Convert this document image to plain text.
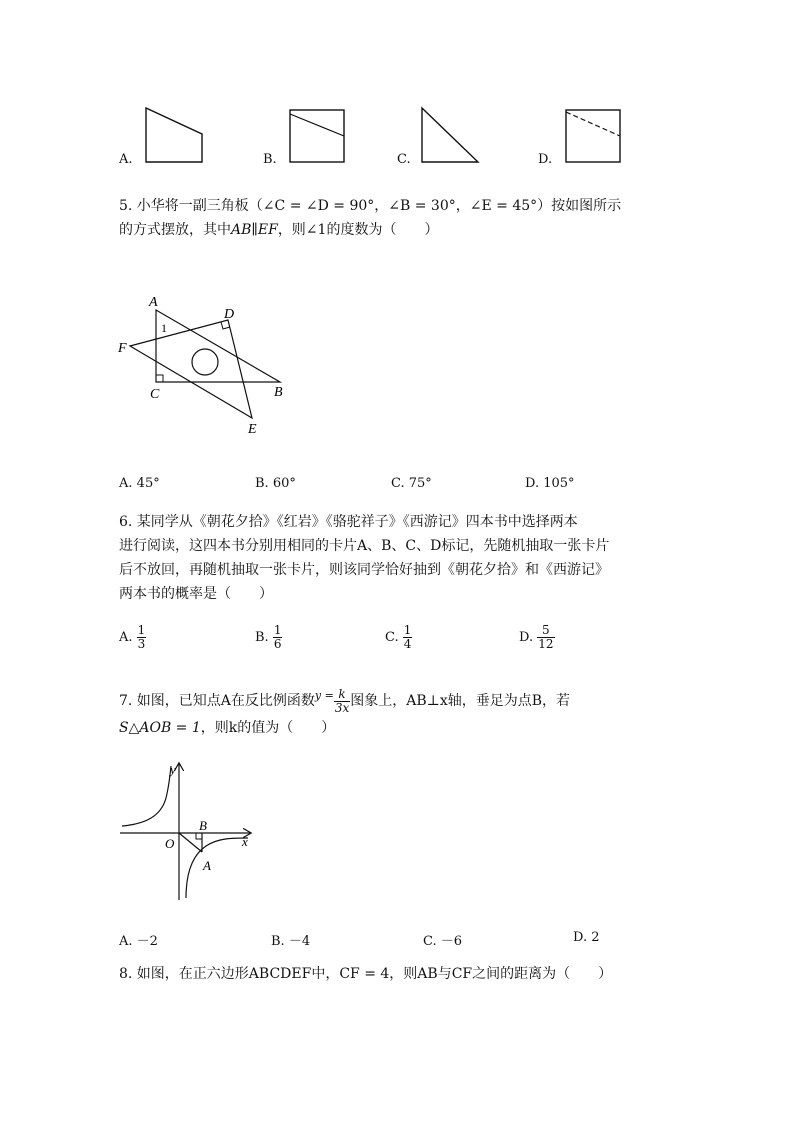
A.	B.	C.	D.
5. 小华将一副三角板（∠C = ∠D = 90°，∠B = 30°，∠E = 45°）按如图所示
的方式摆放，其中AB∥EF，则∠1的度数为（　　）
A
D
F
B
C
E
1
A. 45°	B. 60°	C. 75°	D. 105°
6. 某同学从《朝花夕拾》《红岩》《骆驼祥子》《西游记》四本书中选择两本
进行阅读，这四本书分别用相同的卡片A、B、C、D标记，先随机抽取一张卡片
后不放回，再随机抽取一张卡片，则该同学恰好抽到《朝花夕拾》和《西游记》
两本书的概率是（　　）
A. $\frac{1}{3}$	B. $\frac{1}{6}$	C. $\frac{1}{4}$	D. $\frac{5}{12}$
7. 如图，已知点A在反比例函数$^{y =} \frac{k}{3x}$ 图象上，AB⊥x轴，垂足为点B，若
S△AOB = 1，则k的值为（　　）
y
x
O
B
A
A. －2	B. －4	C. －6	D. 2
8. 如图，在正六边形ABCDEF中，CF = 4，则AB与CF之间的距离为（　　）
